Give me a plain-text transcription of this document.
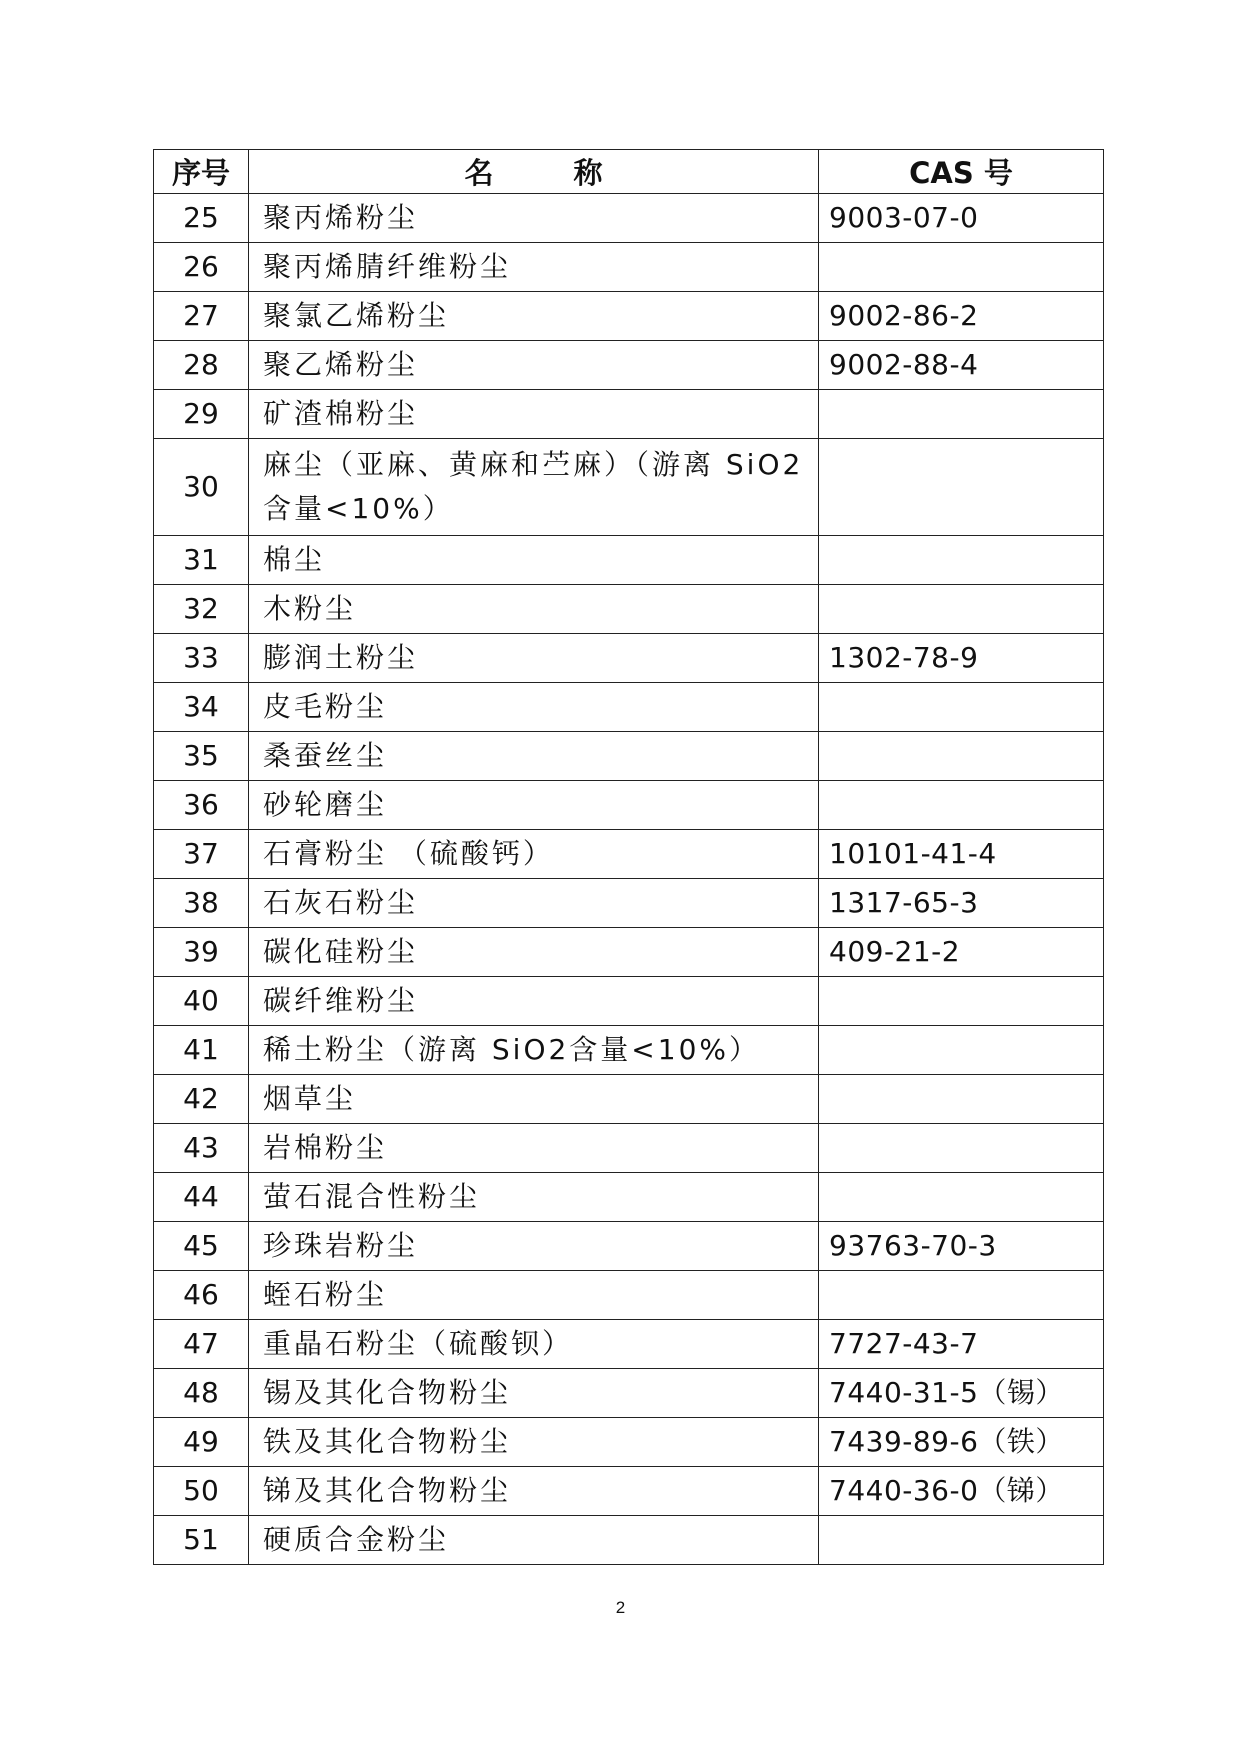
序号	名 称	CAS 号
25	聚丙烯粉尘	9003-07-0
26	聚丙烯腈纤维粉尘	
27	聚氯乙烯粉尘	9002-86-2
28	聚乙烯粉尘	9002-88-4
29	矿渣棉粉尘	
30	麻尘（亚麻、黄麻和苎麻）（游离 SiO2 含量<10%）	
31	棉尘	
32	木粉尘	
33	膨润土粉尘	1302-78-9
34	皮毛粉尘	
35	桑蚕丝尘	
36	砂轮磨尘	
37	石膏粉尘 （硫酸钙）	10101-41-4
38	石灰石粉尘	1317-65-3
39	碳化硅粉尘	409-21-2
40	碳纤维粉尘	
41	稀土粉尘（游离 SiO2含量<10%）	
42	烟草尘	
43	岩棉粉尘	
44	萤石混合性粉尘	
45	珍珠岩粉尘	93763-70-3
46	蛭石粉尘	
47	重晶石粉尘（硫酸钡）	7727-43-7
48	锡及其化合物粉尘	7440-31-5（锡）
49	铁及其化合物粉尘	7439-89-6（铁）
50	锑及其化合物粉尘	7440-36-0（锑）
51	硬质合金粉尘	
2
